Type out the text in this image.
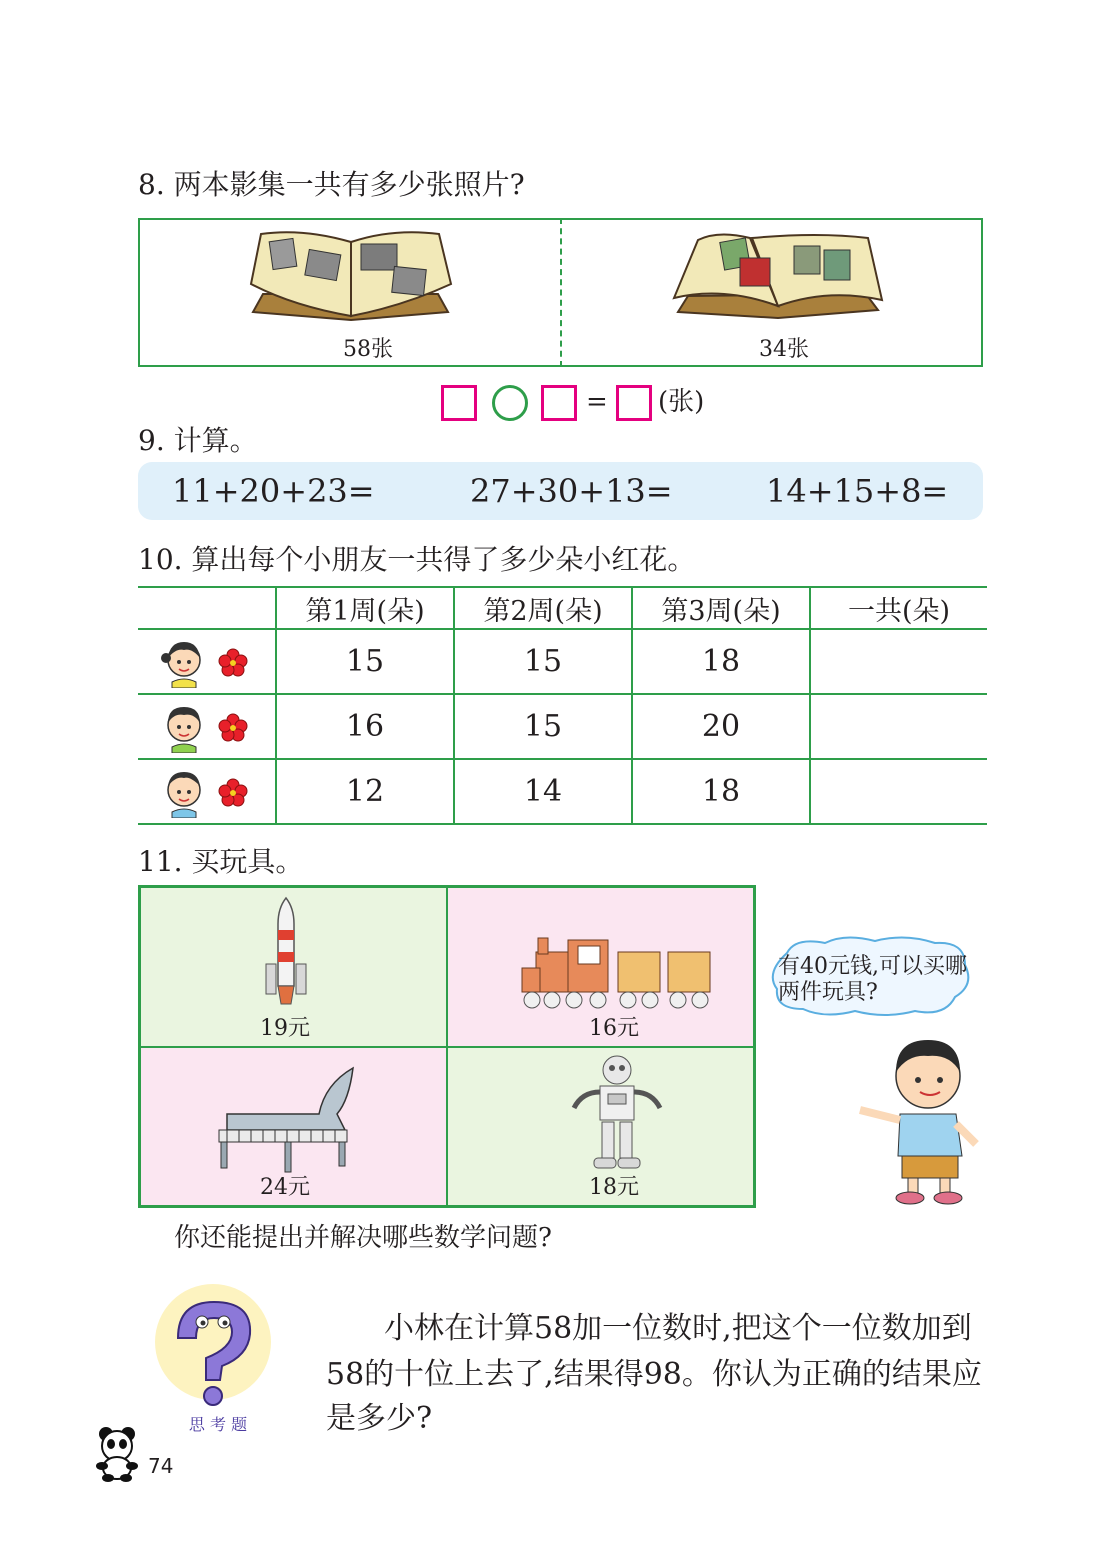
8. 两本影集一共有多少张照片?
58张	34张
= (张)
9. 计算。
11+20+23=	27+30+13=	14+15+8=
10. 算出每个小朋友一共得了多少朵小红花。
	第1周(朵)	第2周(朵)	第3周(朵)	一共(朵)

	15	15	18	

	16	15	20	

	12	14	18	
11. 买玩具。
19元	16元
24元	18元
有40元钱,可以买哪两件玩具?
你还能提出并解决哪些数学问题?
思 考 题
小林在计算58加一位数时,把这个一位数加到
58的十位上去了,结果得98。你认为正确的结果应
是多少?
74
